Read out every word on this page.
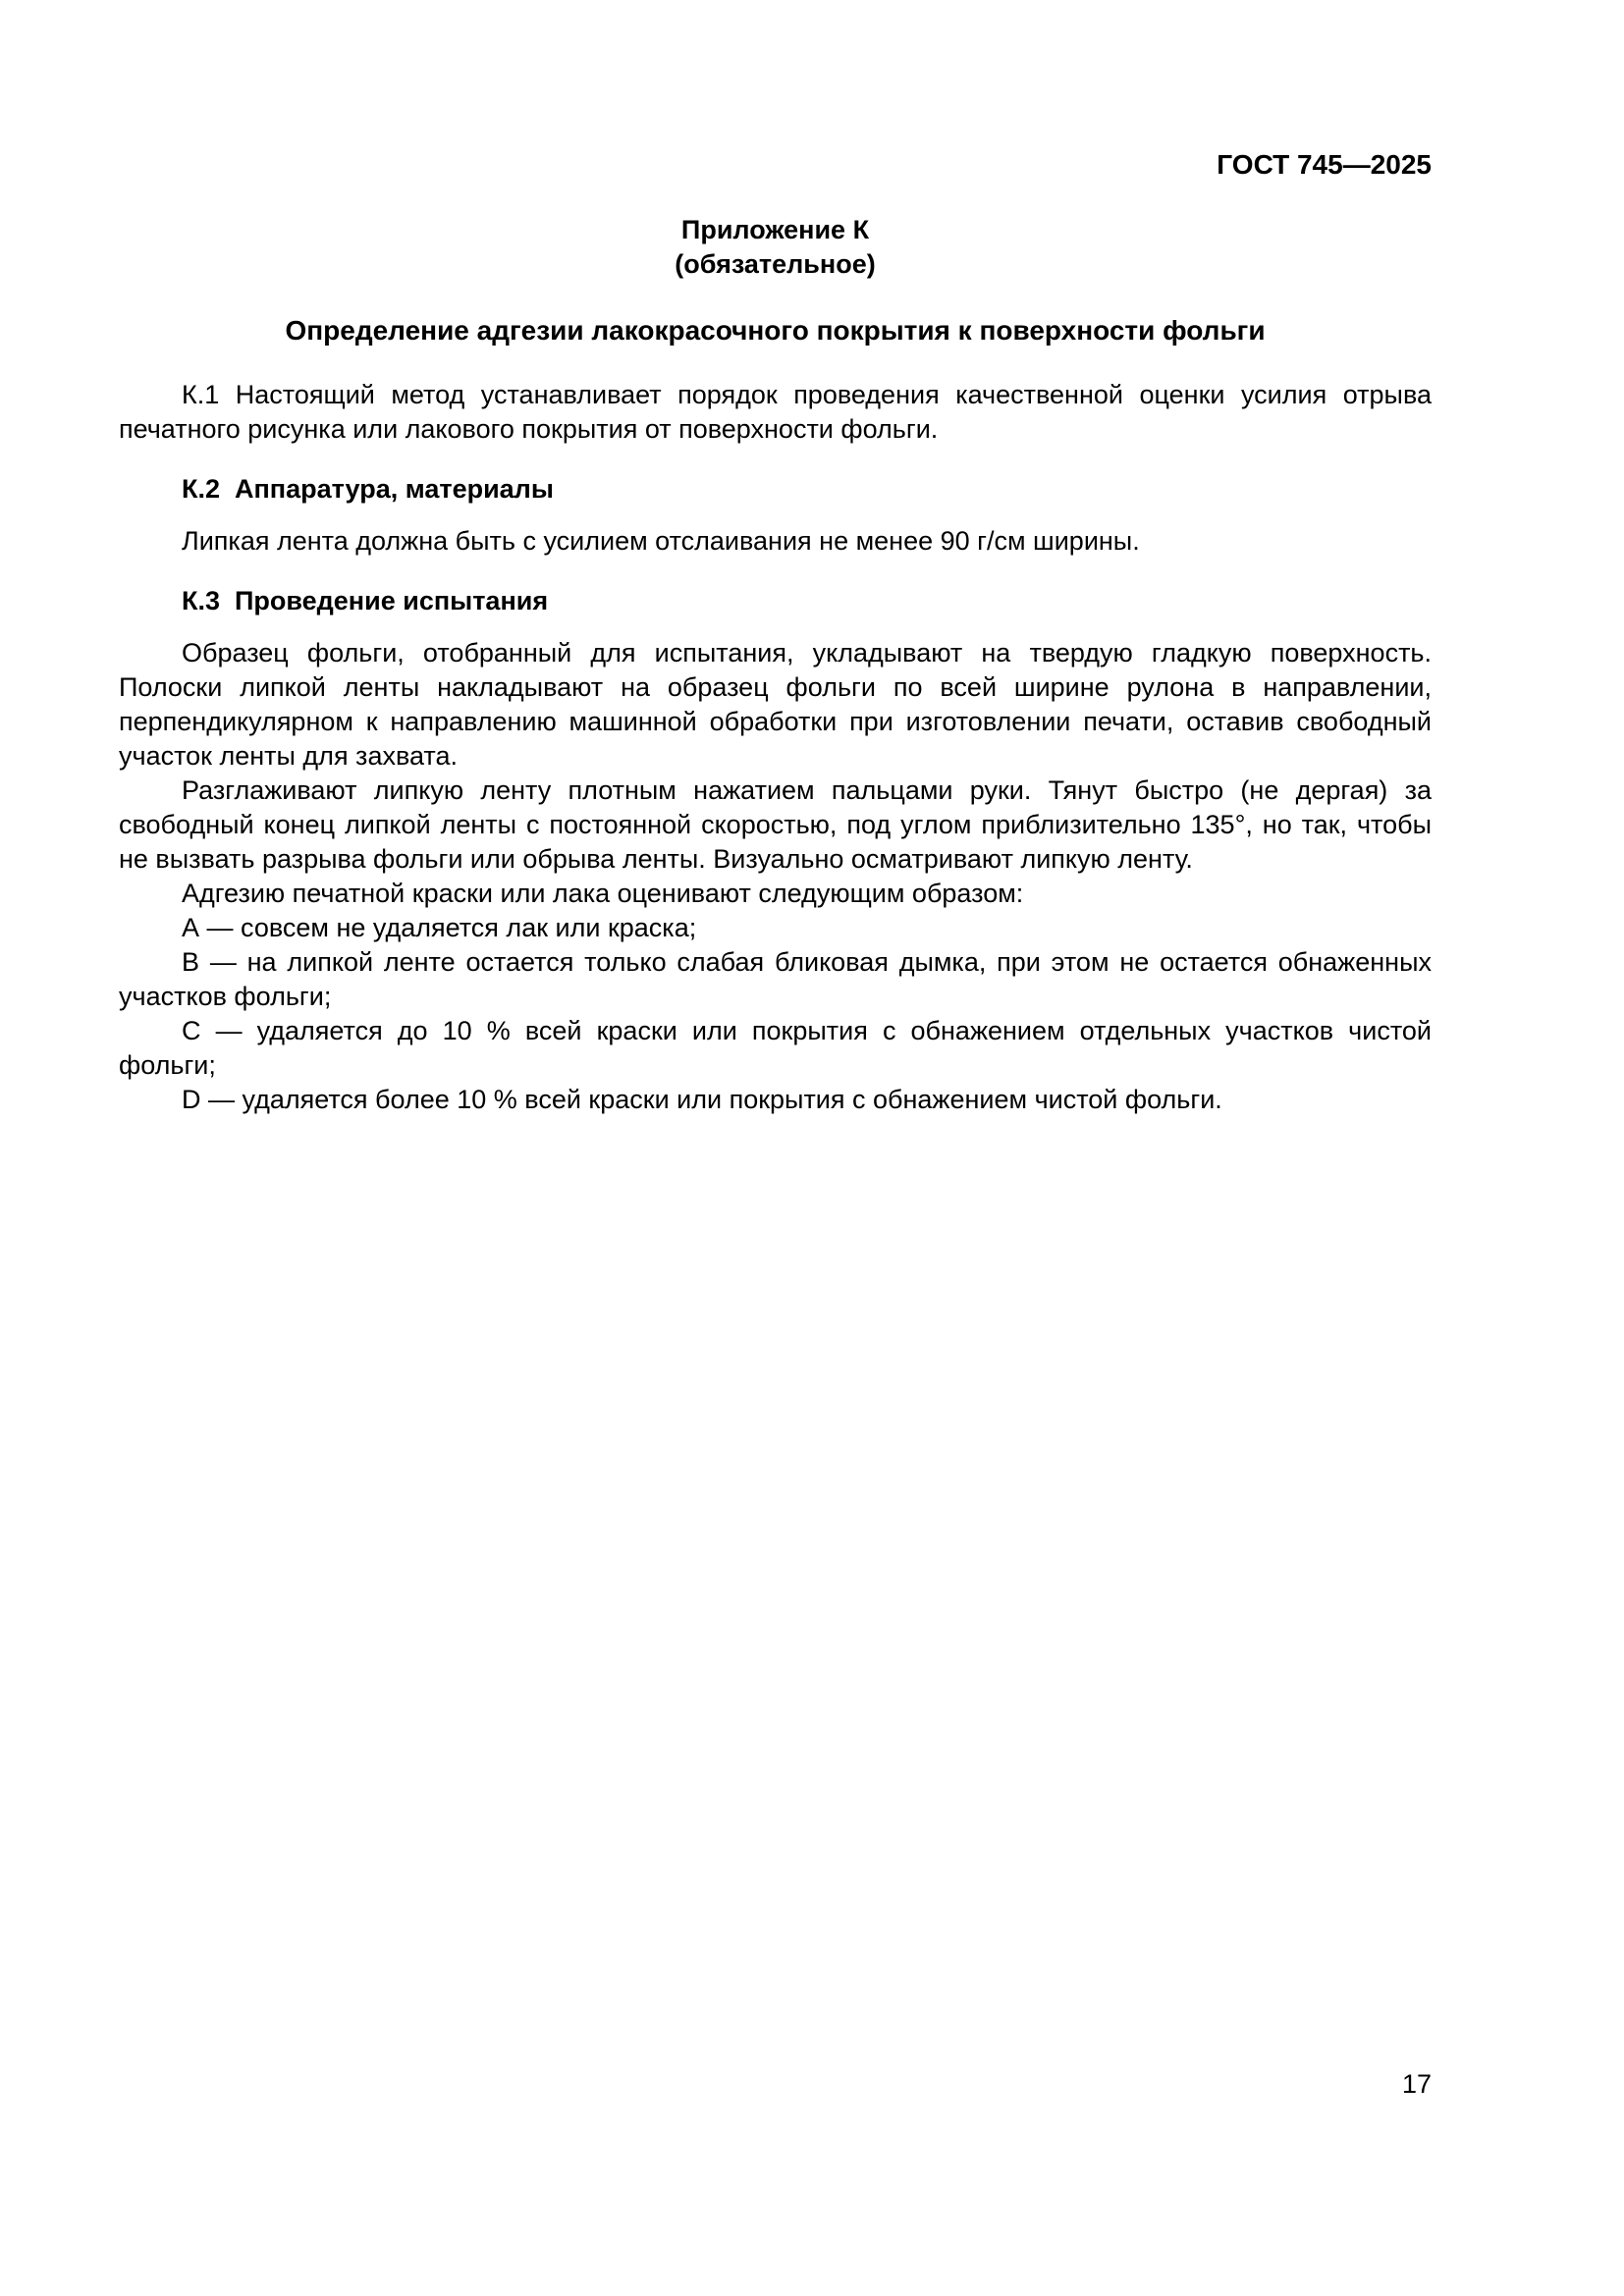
ГОСТ 745—2025
Приложение К
(обязательное)
Определение адгезии лакокрасочного покрытия к поверхности фольги

К.1 Настоящий метод устанавливает порядок проведения качественной оценки усилия отрыва печатного рисунка или лакового покрытия от поверхности фольги.

К.2  Аппаратура, материалы

Липкая лента должна быть с усилием отслаивания не менее 90 г/см ширины.

К.3  Проведение испытания

Образец фольги, отобранный для испытания, укладывают на твердую гладкую поверхность. Полоски липкой ленты накладывают на образец фольги по всей ширине рулона в направлении, перпендикулярном к направлению машинной обработки при изготовлении печати, оставив свободный участок ленты для захвата.

Разглаживают липкую ленту плотным нажатием пальцами руки. Тянут быстро (не дергая) за свободный конец липкой ленты с постоянной скоростью, под углом приблизительно 135°, но так, чтобы не вызвать разрыва фольги или обрыва ленты. Визуально осматривают липкую ленту.

Адгезию печатной краски или лака оценивают следующим образом:

А — совсем не удаляется лак или краска;

В — на липкой ленте остается только слабая бликовая дымка, при этом не остается обнаженных участков фольги;

С — удаляется до 10 % всей краски или покрытия с обнажением отдельных участков чистой фольги;

D — удаляется более 10 % всей краски или покрытия с обнажением чистой фольги.

17
